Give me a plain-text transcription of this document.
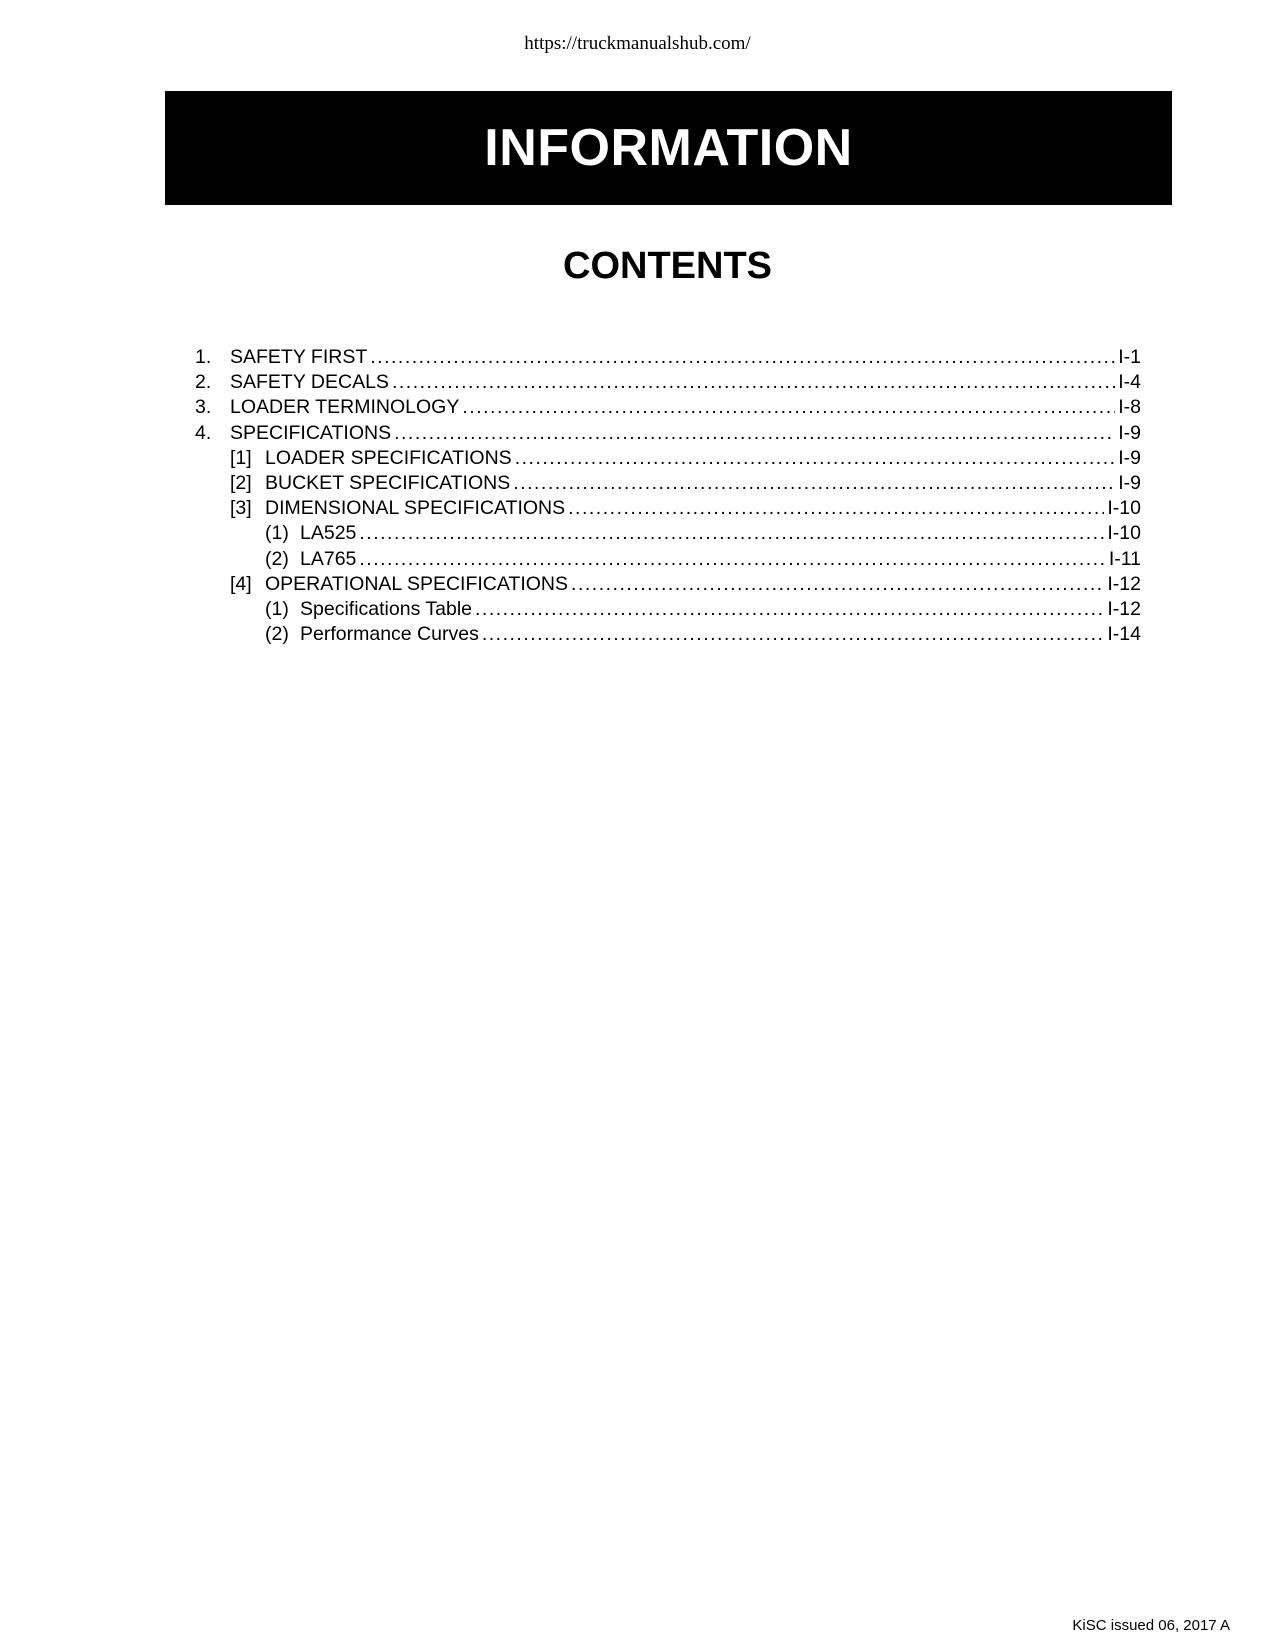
https://truckmanualshub.com/
INFORMATION
CONTENTS
1. SAFETY FIRST .....	I-1
2. SAFETY DECALS .....	I-4
3. LOADER TERMINOLOGY .....	I-8
4. SPECIFICATIONS .....	I-9
[1] LOADER SPECIFICATIONS .....	I-9
[2] BUCKET SPECIFICATIONS .....	I-9
[3] DIMENSIONAL SPECIFICATIONS .....	I-10
(1) LA525 .....	I-10
(2) LA765 .....	I-11
[4] OPERATIONAL SPECIFICATIONS .....	I-12
(1) Specifications Table .....	I-12
(2) Performance Curves .....	I-14
KiSC issued 06, 2017 A
